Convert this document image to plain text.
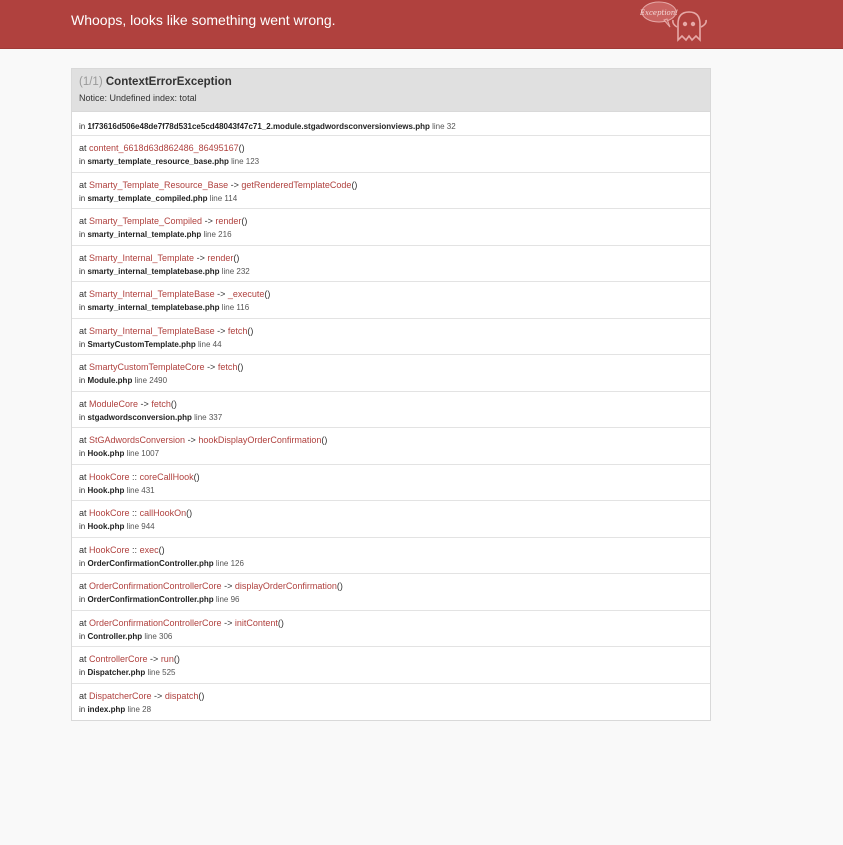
Whoops, looks like something went wrong.	Exception!
(1/1) ContextErrorException
Notice: Undefined index: total
in 1f73616d506e48de7f78d531ce5cd48043f47c71_2.module.stgadwordsconversionviews.php line 32
at content_6618d63d862486_86495167()
in smarty_template_resource_base.php line 123
at Smarty_Template_Resource_Base -> getRenderedTemplateCode()
in smarty_template_compiled.php line 114
at Smarty_Template_Compiled -> render()
in smarty_internal_template.php line 216
at Smarty_Internal_Template -> render()
in smarty_internal_templatebase.php line 232
at Smarty_Internal_TemplateBase -> _execute()
in smarty_internal_templatebase.php line 116
at Smarty_Internal_TemplateBase -> fetch()
in SmartyCustomTemplate.php line 44
at SmartyCustomTemplateCore -> fetch()
in Module.php line 2490
at ModuleCore -> fetch()
in stgadwordsconversion.php line 337
at StGAdwordsConversion -> hookDisplayOrderConfirmation()
in Hook.php line 1007
at HookCore :: coreCallHook()
in Hook.php line 431
at HookCore :: callHookOn()
in Hook.php line 944
at HookCore :: exec()
in OrderConfirmationController.php line 126
at OrderConfirmationControllerCore -> displayOrderConfirmation()
in OrderConfirmationController.php line 96
at OrderConfirmationControllerCore -> initContent()
in Controller.php line 306
at ControllerCore -> run()
in Dispatcher.php line 525
at DispatcherCore -> dispatch()
in index.php line 28
